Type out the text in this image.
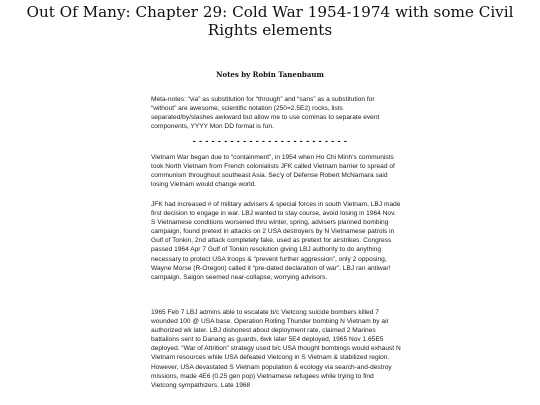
Out Of Many: Chapter 29: Cold War 1954-1974 with some Civil Rights elements
Notes by Robin Tanenbaum

Meta-notes: “via” as substitution for “through” and “sans” as a substitution for “without” are awesome, scientific notation (250=2.5E2) rocks, lists separated/by/slashes awkward but allow me to use commas to separate event components, YYYY Mon DD format is fun.

- - - - - - - - - - - - - - - - - - - - - - - - -

Vietnam War began due to “containment”, in 1954 when Ho Chi Minh's communists took North Vietnam from French colonialists JFK called Vietnam barrier to spread of communism throughout southeast Asia. Sec'y of Defense Robert McNamara said losing Vietnam would change world.

JFK had increased # of military advisers & special forces in south Vietnam, LBJ made first decision to engage in war. LBJ wanted to stay course, avoid losing in 1964 Nov. S Vietnamese conditions worsened thru winter, spring, advisers planned bombing campaign, found pretext in attacks on 2 USA destroyers by N Vietnamese patrols in Gulf of Tonkin, 2nd attack completely fake, used as pretext for airstrikes. Congress passed 1964 Apr 7 Gulf of Tonkin resolution giving LBJ authority to do anything necessary to protect USA troops & “prevent further aggression”, only 2 opposing, Wayne Morse (R-Oregon) called it “pre-dated declaration of war”. LBJ ran antiwar! campaign. Saigon seemed near-collapse, worrying advisors.

1965 Feb 7 LBJ admins able to escalate b/c Vietcong suicide bombers killed 7 wounded 100 @ USA base. Operation Rolling Thunder bombing N Vietnam by air authorized wk later. LBJ dishonest about deployment rate, claimed 2 Marines battalions sent to Danang as guards, 6wk later 5E4 deployed, 1965 Nov 1.65E5 deployed. “War of Attrition” strategy used b/c USA thought bombings would exhaust N Vietnam resources while USA defeated Vietcong in S Vietnam & stabilized region. However, USA devastated S Vietnam population & ecology via search-and-destroy missions, made 4E6 (0.25 gen pop) Vietnamese refugees while trying to find Vietcong sympathizers. Late 1968
